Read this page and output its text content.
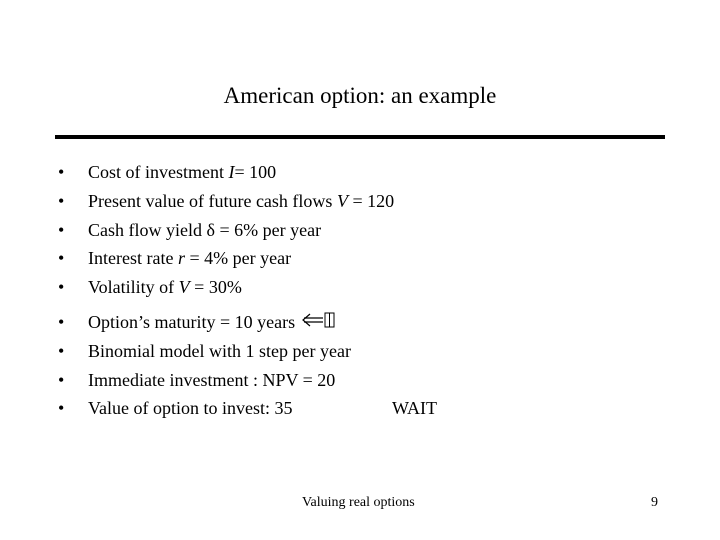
American option: an example
• Cost of investment I= 100
• Present value of future cash flows V = 120
• Cash flow yield δ = 6% per year
• Interest rate r = 4% per year
• Volatility of V = 30%
• Option’s maturity = 10 years
• Binomial model with 1 step per year
• Immediate investment : NPV = 20
• Value of option to invest: 35	WAIT
Valuing real options	9
